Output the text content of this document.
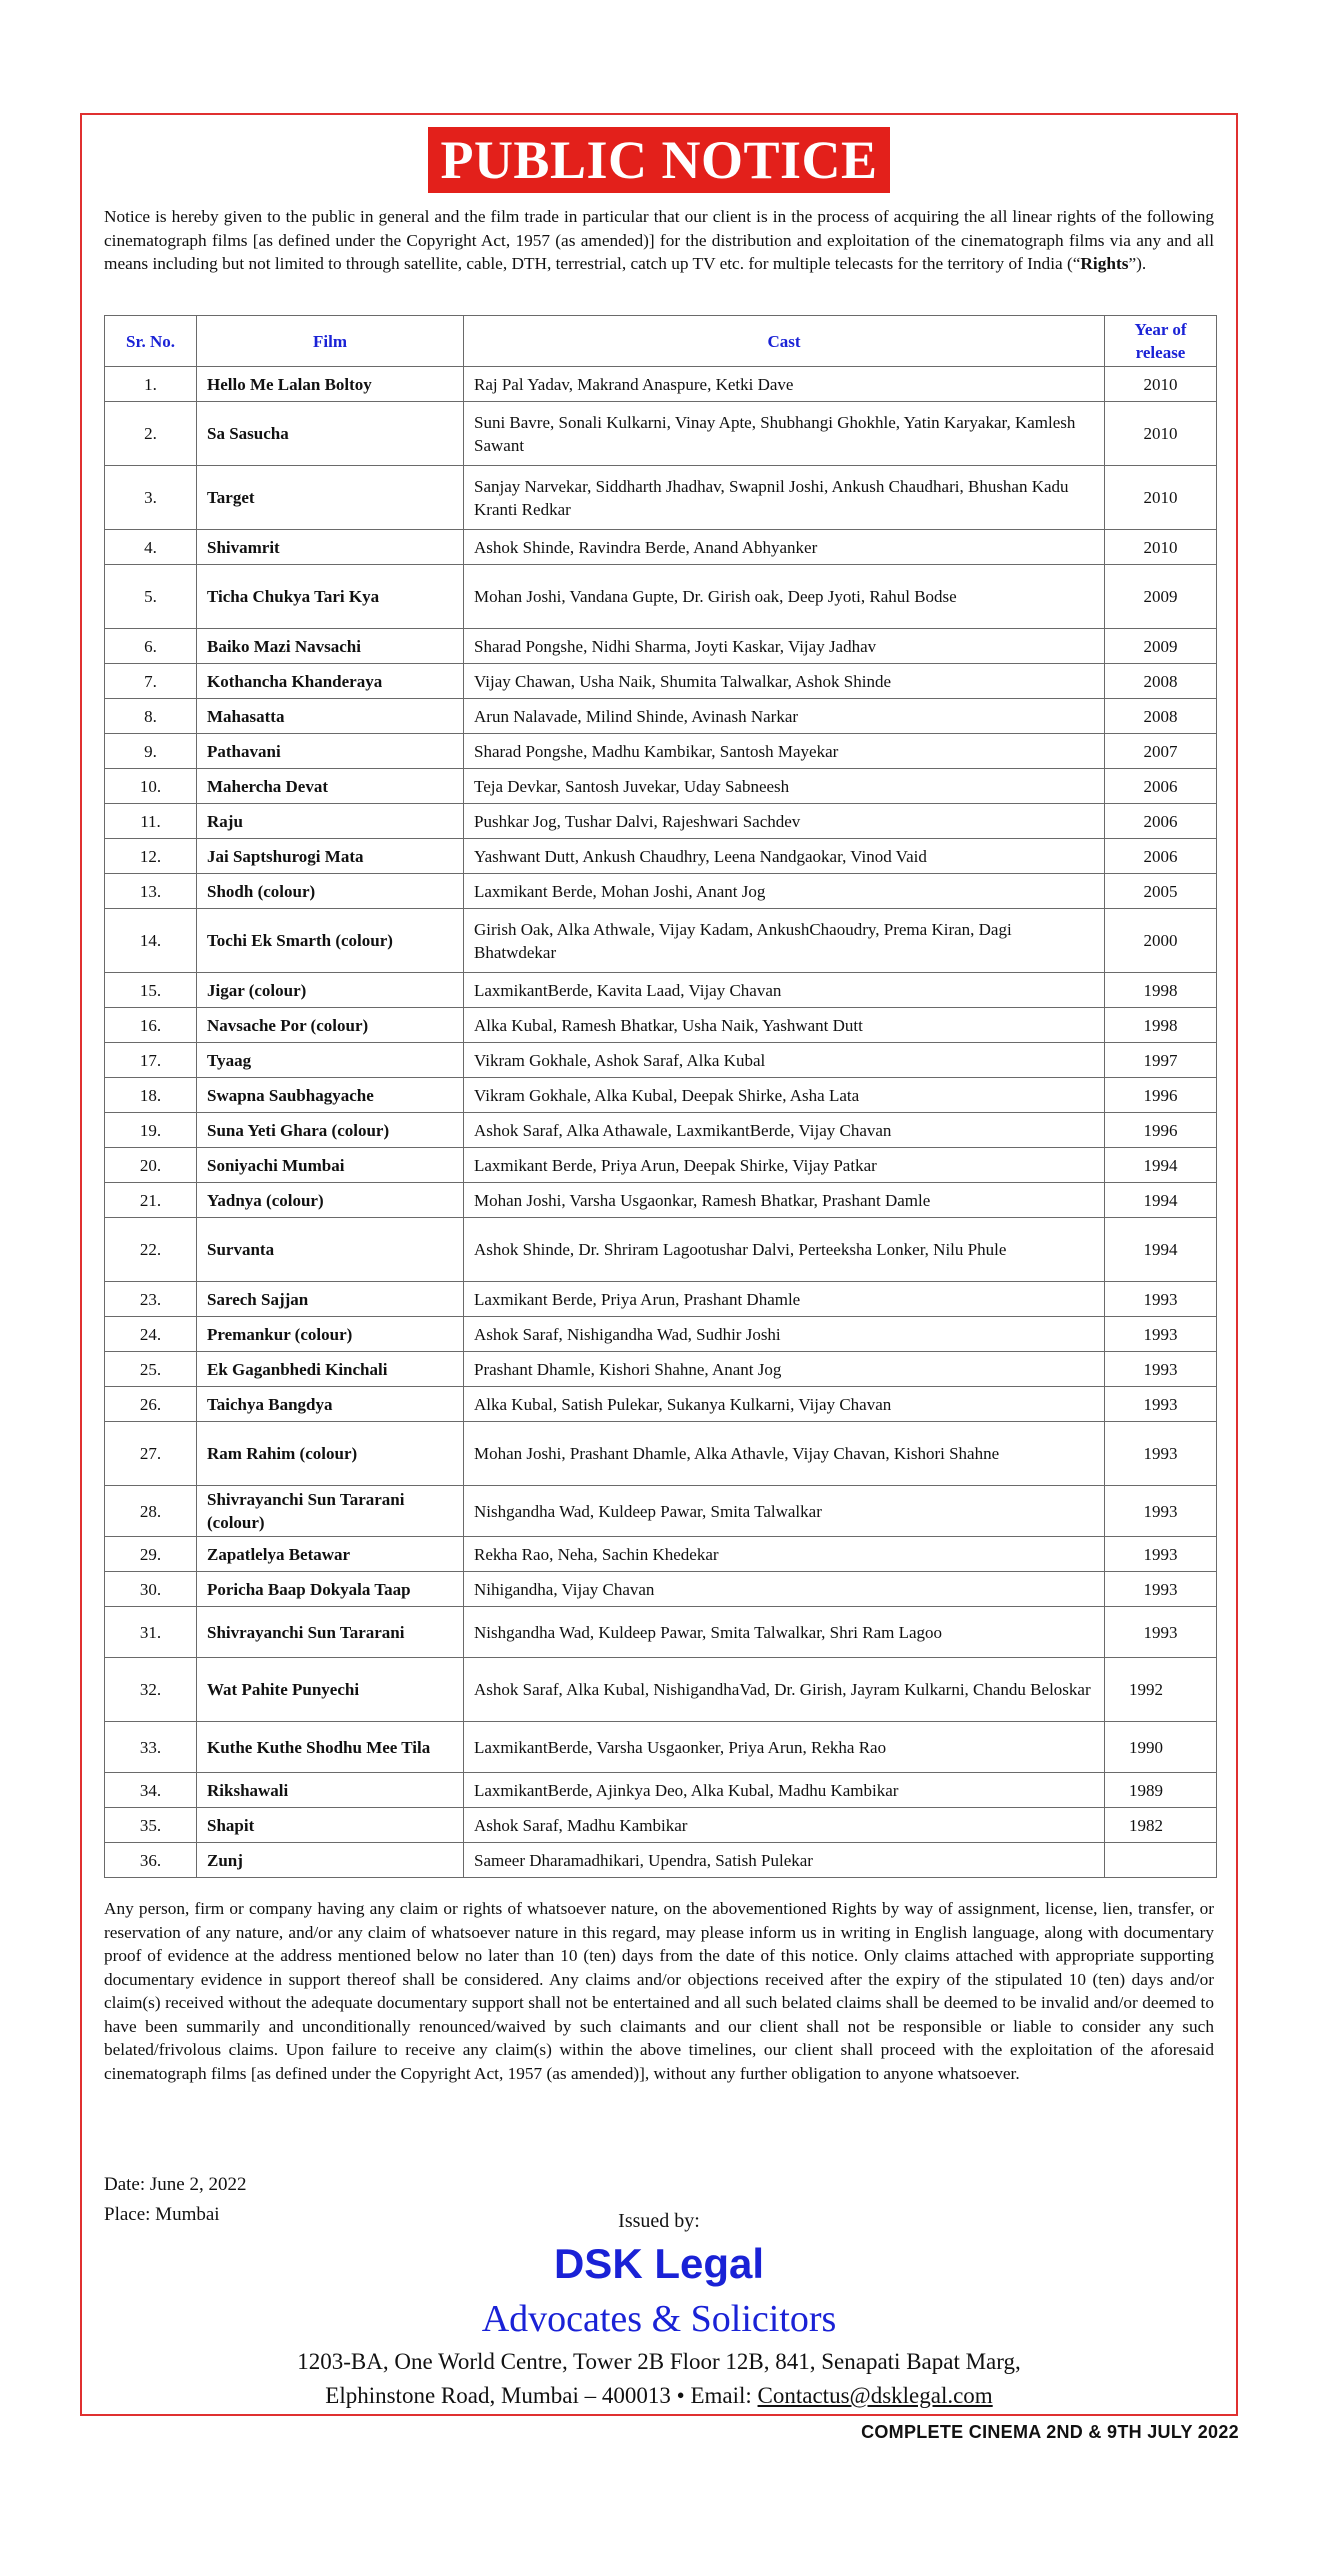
PUBLIC NOTICE
Notice is hereby given to the public in general and the film trade in particular that our client is in the process of acquiring the all linear rights of the following cinematograph films [as defined under the Copyright Act, 1957 (as amended)] for the distribution and exploitation of the cinematograph films via any and all means including but not limited to through satellite, cable, DTH, terrestrial, catch up TV etc. for multiple telecasts for the territory of India (“Rights”).
Sr. No.	Film	Cast	Year of release
1.	Hello Me Lalan Boltoy	Raj Pal Yadav, Makrand Anaspure, Ketki Dave	2010
2.	Sa Sasucha	Suni Bavre, Sonali Kulkarni, Vinay Apte, Shubhangi Ghokhle, Yatin Karyakar, Kamlesh Sawant	2010
3.	Target	Sanjay Narvekar, Siddharth Jhadhav, Swapnil Joshi, Ankush Chaudhari, Bhushan Kadu Kranti Redkar	2010
4.	Shivamrit	Ashok Shinde, Ravindra Berde, Anand Abhyanker	2010
5.	Ticha Chukya Tari Kya	Mohan Joshi, Vandana Gupte, Dr. Girish oak, Deep Jyoti, Rahul Bodse	2009
6.	Baiko Mazi Navsachi	Sharad Pongshe, Nidhi Sharma, Joyti Kaskar, Vijay Jadhav	2009
7.	Kothancha Khanderaya	Vijay Chawan, Usha Naik, Shumita Talwalkar, Ashok Shinde	2008
8.	Mahasatta	Arun Nalavade, Milind Shinde, Avinash Narkar	2008
9.	Pathavani	Sharad Pongshe, Madhu Kambikar, Santosh Mayekar	2007
10.	Mahercha Devat	Teja Devkar, Santosh Juvekar, Uday Sabneesh	2006
11.	Raju	Pushkar Jog, Tushar Dalvi, Rajeshwari Sachdev	2006
12.	Jai Saptshurogi Mata	Yashwant Dutt, Ankush Chaudhry, Leena Nandgaokar, Vinod Vaid	2006
13.	Shodh (colour)	Laxmikant Berde, Mohan Joshi, Anant Jog	2005
14.	Tochi Ek Smarth (colour)	Girish Oak, Alka Athwale, Vijay Kadam, AnkushChaoudry, Prema Kiran, Dagi Bhatwdekar	2000
15.	Jigar (colour)	LaxmikantBerde, Kavita Laad, Vijay Chavan	1998
16.	Navsache Por (colour)	Alka Kubal, Ramesh Bhatkar, Usha Naik, Yashwant Dutt	1998
17.	Tyaag	Vikram Gokhale, Ashok Saraf, Alka Kubal	1997
18.	Swapna Saubhagyache	Vikram Gokhale, Alka Kubal, Deepak Shirke, Asha Lata	1996
19.	Suna Yeti Ghara (colour)	Ashok Saraf, Alka Athawale, LaxmikantBerde, Vijay Chavan	1996
20.	Soniyachi Mumbai	Laxmikant Berde, Priya Arun, Deepak Shirke, Vijay Patkar	1994
21.	Yadnya (colour)	Mohan Joshi, Varsha Usgaonkar, Ramesh Bhatkar, Prashant Damle	1994
22.	Survanta	Ashok Shinde, Dr. Shriram Lagootushar Dalvi, Perteeksha Lonker, Nilu Phule	1994
23.	Sarech Sajjan	Laxmikant Berde, Priya Arun, Prashant Dhamle	1993
24.	Premankur (colour)	Ashok Saraf, Nishigandha Wad, Sudhir Joshi	1993
25.	Ek Gaganbhedi Kinchali	Prashant Dhamle, Kishori Shahne, Anant Jog	1993
26.	Taichya Bangdya	Alka Kubal, Satish Pulekar, Sukanya Kulkarni, Vijay Chavan	1993
27.	Ram Rahim (colour)	Mohan Joshi, Prashant Dhamle, Alka Athavle, Vijay Chavan, Kishori Shahne	1993
28.	Shivrayanchi Sun Tararani (colour)	Nishgandha Wad, Kuldeep Pawar, Smita Talwalkar	1993
29.	Zapatlelya Betawar	Rekha Rao, Neha, Sachin Khedekar	1993
30.	Poricha Baap Dokyala Taap	Nihigandha, Vijay Chavan	1993
31.	Shivrayanchi Sun Tararani	Nishgandha Wad, Kuldeep Pawar, Smita Talwalkar, Shri Ram Lagoo	1993
32.	Wat Pahite Punyechi	Ashok Saraf, Alka Kubal, NishigandhaVad, Dr. Girish, Jayram Kulkarni, Chandu Beloskar	1992
33.	Kuthe Kuthe Shodhu Mee Tila	LaxmikantBerde, Varsha Usgaonker, Priya Arun, Rekha Rao	1990
34.	Rikshawali	LaxmikantBerde, Ajinkya Deo, Alka Kubal, Madhu Kambikar	1989
35.	Shapit	Ashok Saraf, Madhu Kambikar	1982
36.	Zunj	Sameer Dharamadhikari, Upendra, Satish Pulekar	
Any person, firm or company having any claim or rights of whatsoever nature, on the abovementioned Rights by way of assignment, license, lien, transfer, or reservation of any nature, and/or any claim of whatsoever nature in this regard, may please inform us in writing in English language, along with documentary proof of evidence at the address mentioned below no later than 10 (ten) days from the date of this notice. Only claims attached with appropriate supporting documentary evidence in support thereof shall be considered. Any claims and/or objections received after the expiry of the stipulated 10 (ten) days and/or claim(s) received without the adequate documentary support shall not be entertained and all such belated claims shall be deemed to be invalid and/or deemed to have been summarily and unconditionally renounced/waived by such claimants and our client shall not be responsible or liable to consider any such belated/frivolous claims. Upon failure to receive any claim(s) within the above timelines, our client shall proceed with the exploitation of the aforesaid cinematograph films [as defined under the Copyright Act, 1957 (as amended)], without any further obligation to anyone whatsoever.
Date: June 2, 2022
Place: Mumbai	Issued by:
DSK Legal
Advocates & Solicitors
1203-BA, One World Centre, Tower 2B Floor 12B, 841, Senapati Bapat Marg,
Elphinstone Road, Mumbai – 400013 • Email: Contactus@dsklegal.com
COMPLETE CINEMA 2ND & 9TH JULY 2022
